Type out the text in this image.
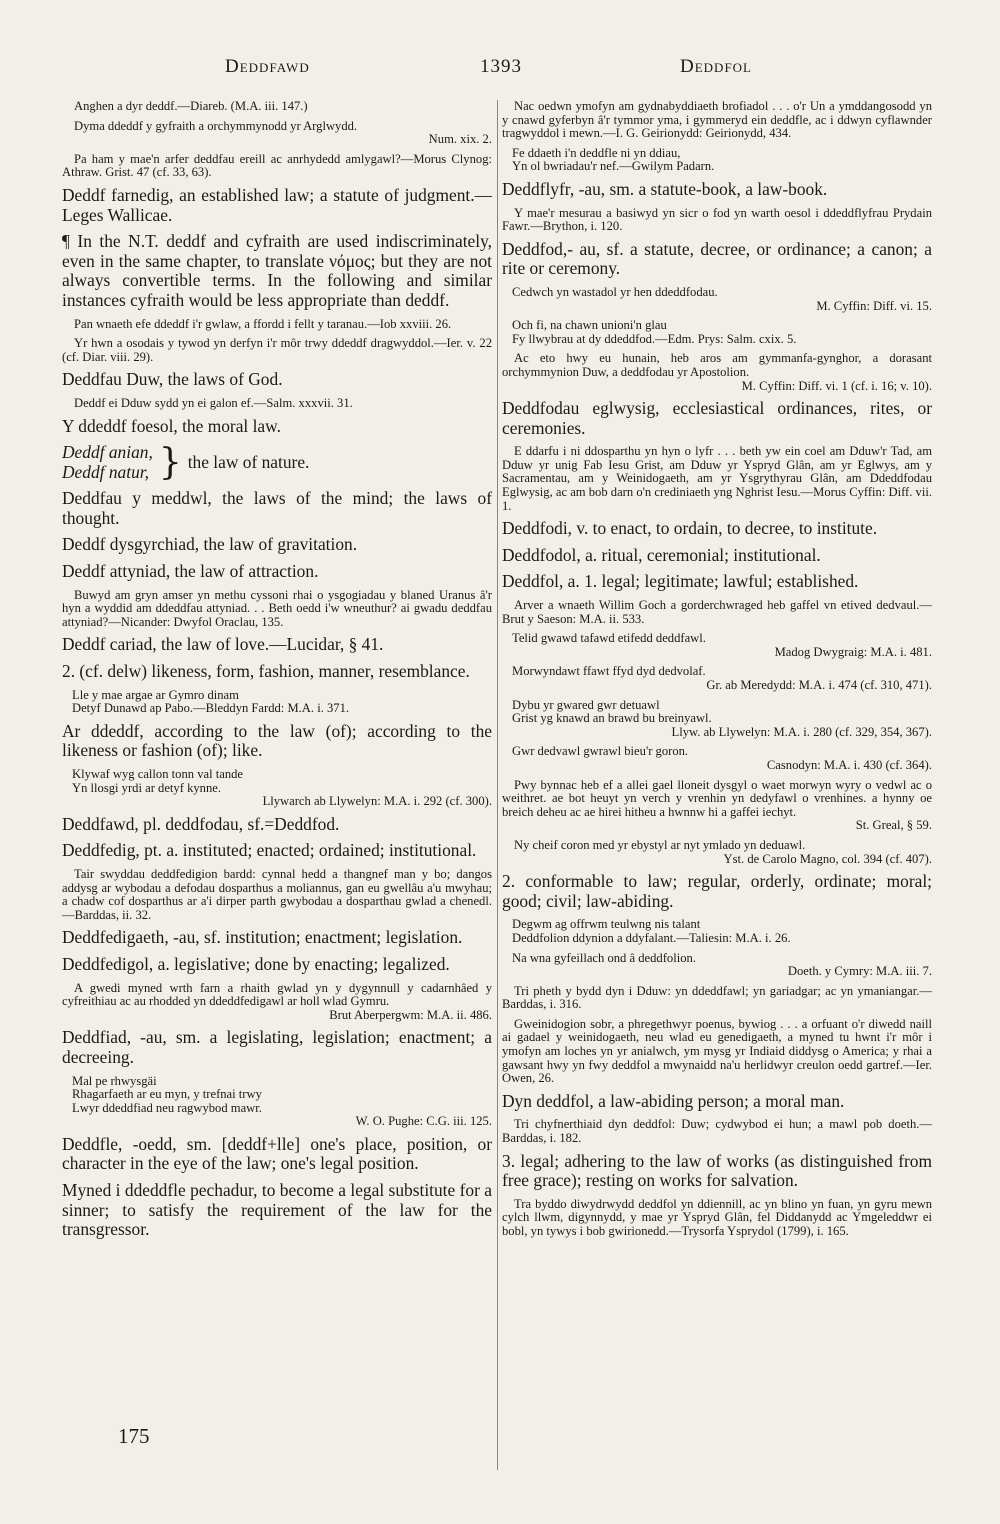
Deddfawd	1393	Deddfol

Anghen a dyr deddf.—Diareb. (M.A. iii. 147.)

Dyma ddeddf y gyfraith a orchymmynodd yr Arglwydd.
Num. xix. 2.

Pa ham y mae'n arfer deddfau ereill ac anrhydedd amlygawl?—Morus Clynog: Athraw. Grist. 47 (cf. 33, 63).

Deddf farnedig, an established law; a statute of judgment.—Leges Wallicae.

¶ In the N.T. deddf and cyfraith are used indiscriminately, even in the same chapter, to translate νόμος; but they are not always convertible terms. In the following and similar instances cyfraith would be less appropriate than deddf.

Pan wnaeth efe ddeddf i'r gwlaw, a ffordd i fellt y taranau.—Iob xxviii. 26.

Yr hwn a osodais y tywod yn derfyn i'r môr trwy ddeddf dragwyddol.—Ier. v. 22 (cf. Diar. viii. 29).

Deddfau Duw, the laws of God.

Deddf ei Dduw sydd yn ei galon ef.—Salm. xxxvii. 31.

Y ddeddf foesol, the moral law.

Deddf anian,
Deddf natur, } the law of nature.

Deddfau y meddwl, the laws of the mind; the laws of thought.

Deddf dysgyrchiad, the law of gravitation.

Deddf attyniad, the law of attraction.

Buwyd am gryn amser yn methu cyssoni rhai o ysgogiadau y blaned Uranus â'r hyn a wyddid am ddeddfau attyniad. . . Beth oedd i'w wneuthur? ai gwadu deddfau attyniad?—Nicander: Dwyfol Oraclau, 135.

Deddf cariad, the law of love.—Lucidar, § 41.

2. (cf. delw) likeness, form, fashion, manner, resemblance.

Lle y mae argae ar Gymro dinam
Detyf Dunawd ap Pabo.—Bleddyn Fardd: M.A. i. 371.

Ar ddeddf, according to the law (of); according to the likeness or fashion (of); like.

Klywaf wyg callon tonn val tande
Yn llosgi yrdi ar detyf kynne.
Llywarch ab Llywelyn: M.A. i. 292 (cf. 300).

Deddfawd, pl. deddfodau, sf.=Deddfod.

Deddfedig, pt. a. instituted; enacted; ordained; institutional.

Tair swyddau deddfedigion bardd: cynnal hedd a thangnef man y bo; dangos addysg ar wybodau a defodau dosparthus a moliannus, gan eu gwellâu a'u mwyhau; a chadw cof dosparthus ar a'i dirper parth gwybodau a dosparthau gwlad a chenedl.—Barddas, ii. 32.

Deddfedigaeth, -au, sf. institution; enactment; legislation.

Deddfedigol, a. legislative; done by enacting; legalized.

A gwedi myned wrth farn a rhaith gwlad yn y dygynnull y cadarnhâed y cyfreithiau ac au rhodded yn ddeddfedigawl ar holl wlad Gymru.
Brut Aberpergwm: M.A. ii. 486.

Deddfiad, -au, sm. a legislating, legislation; enactment; a decreeing.

Mal pe rhwysgäi
Rhagarfaeth ar eu myn, y trefnai trwy
Lwyr ddeddfiad neu ragwybod mawr.
W. O. Pughe: C.G. iii. 125.

Deddfle, -oedd, sm. [deddf+lle] one's place, position, or character in the eye of the law; one's legal position.

Myned i ddeddfle pechadur, to become a legal substitute for a sinner; to satisfy the requirement of the law for the transgressor.

Nac oedwn ymofyn am gydnabyddiaeth brofiadol . . . o'r Un a ymddangosodd yn y cnawd gyferbyn â'r tymmor yma, i gymmeryd ein deddfle, ac i ddwyn cyflawnder tragwyddol i mewn.—I. G. Geirionydd: Geirionydd, 434.

Fe ddaeth i'n deddfle ni yn ddiau,
Yn ol bwriadau'r nef.—Gwilym Padarn.

Deddflyfr, -au, sm. a statute-book, a law-book.

Y mae'r mesurau a basiwyd yn sicr o fod yn warth oesol i ddeddflyfrau Prydain Fawr.—Brython, i. 120.

Deddfod,- au, sf. a statute, decree, or ordinance; a canon; a rite or ceremony.

Cedwch yn wastadol yr hen ddeddfodau.
M. Cyffin: Diff. vi. 15.

Och fi, na chawn unioni'n glau
Fy llwybrau at dy ddeddfod.—Edm. Prys: Salm. cxix. 5.

Ac eto hwy eu hunain, heb aros am gymmanfa-gynghor, a dorasant orchymmynion Duw, a deddfodau yr Apostolion.
M. Cyffin: Diff. vi. 1 (cf. i. 16; v. 10).

Deddfodau eglwysig, ecclesiastical ordinances, rites, or ceremonies.

E ddarfu i ni ddosparthu yn hyn o lyfr . . . beth yw ein coel am Dduw'r Tad, am Dduw yr unig Fab Iesu Grist, am Dduw yr Yspryd Glân, am yr Eglwys, am y Sacramentau, am y Weinidogaeth, am yr Ysgrythyrau Glân, am Ddeddfodau Eglwysig, ac am bob darn o'n crediniaeth yng Nghrist Iesu.—Morus Cyffin: Diff. vii. 1.

Deddfodi, v. to enact, to ordain, to decree, to institute.

Deddfodol, a. ritual, ceremonial; institutional.

Deddfol, a. 1. legal; legitimate; lawful; established.

Arver a wnaeth Willim Goch a gorderchwraged heb gaffel vn etived dedvaul.—Brut y Saeson: M.A. ii. 533.

Telid gwawd tafawd etifedd deddfawl.
Madog Dwygraig: M.A. i. 481.

Morwyndawt ffawt ffyd dyd dedvolaf.
Gr. ab Meredydd: M.A. i. 474 (cf. 310, 471).

Dybu yr gwared gwr detuawl
Grist yg knawd an brawd bu breinyawl.
Llyw. ab Llywelyn: M.A. i. 280 (cf. 329, 354, 367).

Gwr dedvawl gwrawl bieu'r goron.
Casnodyn: M.A. i. 430 (cf. 364).

Pwy bynnac heb ef a allei gael lloneit dysgyl o waet morwyn wyry o vedwl ac o weithret. ae bot heuyt yn verch y vrenhin yn dedyfawl o vrenhines. a hynny oe breich deheu ac ae hirei hitheu a hwnnw hi a gaffei iechyt.
St. Greal, § 59.

Ny cheif coron med yr ebystyl ar nyt ymlado yn deduawl.
Yst. de Carolo Magno, col. 394 (cf. 407).

2. conformable to law; regular, orderly, ordinate; moral; good; civil; law-abiding.

Degwm ag offrwm teulwng nis talant
Deddfolion ddynion a ddyfalant.—Taliesin: M.A. i. 26.

Na wna gyfeillach ond â deddfolion.
Doeth. y Cymry: M.A. iii. 7.

Tri pheth y bydd dyn i Dduw: yn ddeddfawl; yn gariadgar; ac yn ymaniangar.—Barddas, i. 316.

Gweinidogion sobr, a phregethwyr poenus, bywiog . . . a orfuant o'r diwedd naill ai gadael y weinidogaeth, neu wlad eu genedigaeth, a myned tu hwnt i'r môr i ymofyn am loches yn yr anialwch, ym mysg yr Indiaid diddysg o America; y rhai a gawsant hwy yn fwy deddfol a mwynaidd na'u herlidwyr creulon oedd gartref.—Ier. Owen, 26.

Dyn deddfol, a law-abiding person; a moral man.

Tri chyfnerthiaid dyn deddfol: Duw; cydwybod ei hun; a mawl pob doeth.—Barddas, i. 182.

3. legal; adhering to the law of works (as distinguished from free grace); resting on works for salvation.

Tra byddo diwydrwydd deddfol yn ddiennill, ac yn blino yn fuan, yn gyru mewn cylch llwm, digynnydd, y mae yr Yspryd Glân, fel Diddanydd ac Ymgeleddwr ei bobl, yn tywys i bob gwirionedd.—Trysorfa Ysprydol (1799), i. 165.

175
